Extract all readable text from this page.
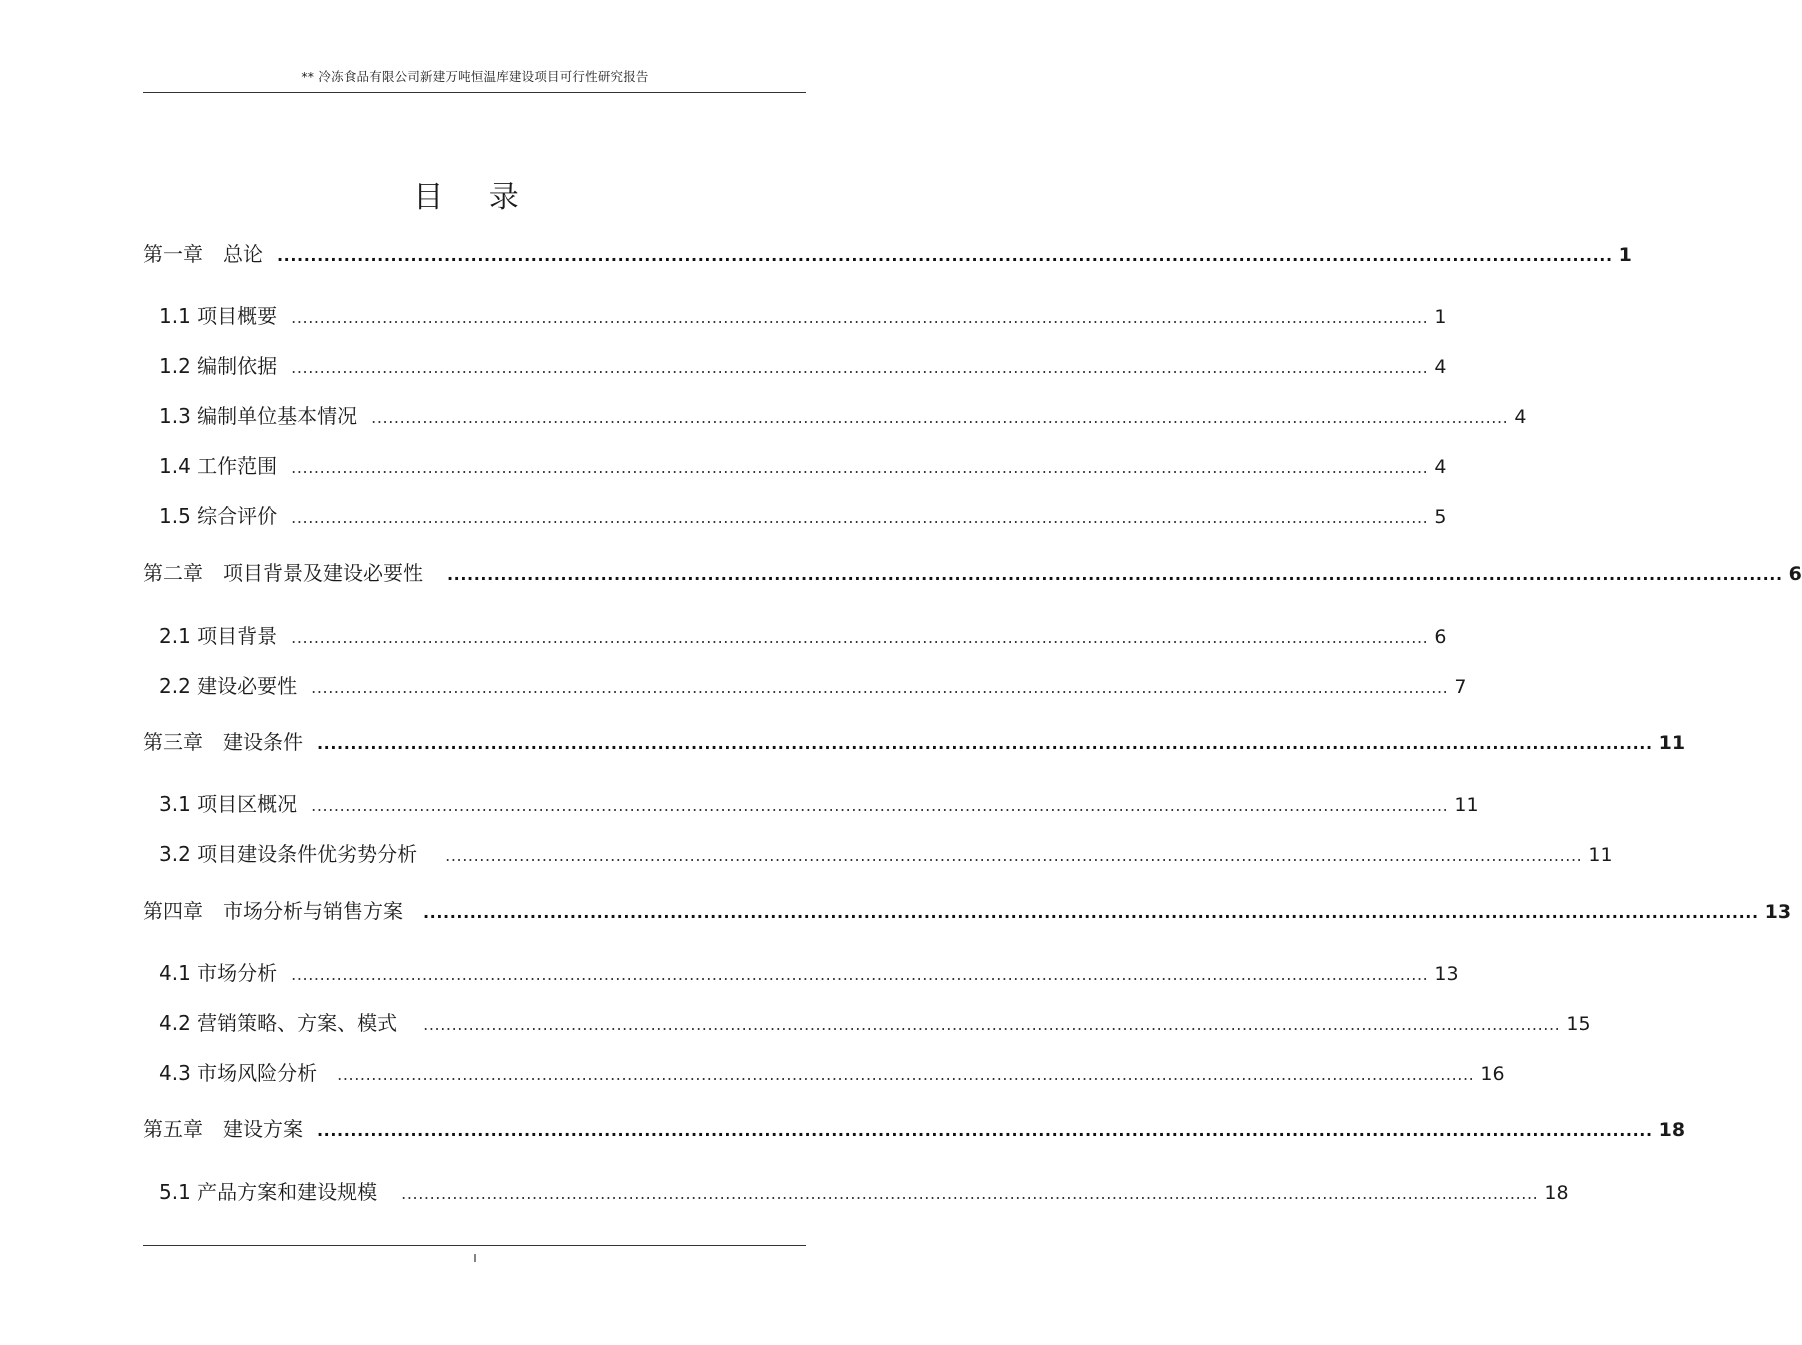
** 冷冻食品有限公司新建万吨恒温库建设项目可行性研究报告
目 录
第一章　总论 ........................................................................................................................................................................................................ 1
1.1 项目概要 ........................................................................................................................................................................................................ 1
1.2 编制依据 ........................................................................................................................................................................................................ 4
1.3 编制单位基本情况 ........................................................................................................................................................................................................ 4
1.4 工作范围 ........................................................................................................................................................................................................ 4
1.5 综合评价 ........................................................................................................................................................................................................ 5
第二章　项目背景及建设必要性 ........................................................................................................................................................................................................ 6
2.1 项目背景 ........................................................................................................................................................................................................ 6
2.2 建设必要性 ........................................................................................................................................................................................................ 7
第三章　建设条件 ........................................................................................................................................................................................................ 11
3.1 项目区概况 ........................................................................................................................................................................................................ 11
3.2 项目建设条件优劣势分析 ........................................................................................................................................................................................................ 11
第四章　市场分析与销售方案 ........................................................................................................................................................................................................ 13
4.1 市场分析 ........................................................................................................................................................................................................ 13
4.2 营销策略、方案、模式 ........................................................................................................................................................................................................ 15
4.3 市场风险分析 ........................................................................................................................................................................................................ 16
第五章　建设方案 ........................................................................................................................................................................................................ 18
5.1 产品方案和建设规模 ........................................................................................................................................................................................................ 18
I
